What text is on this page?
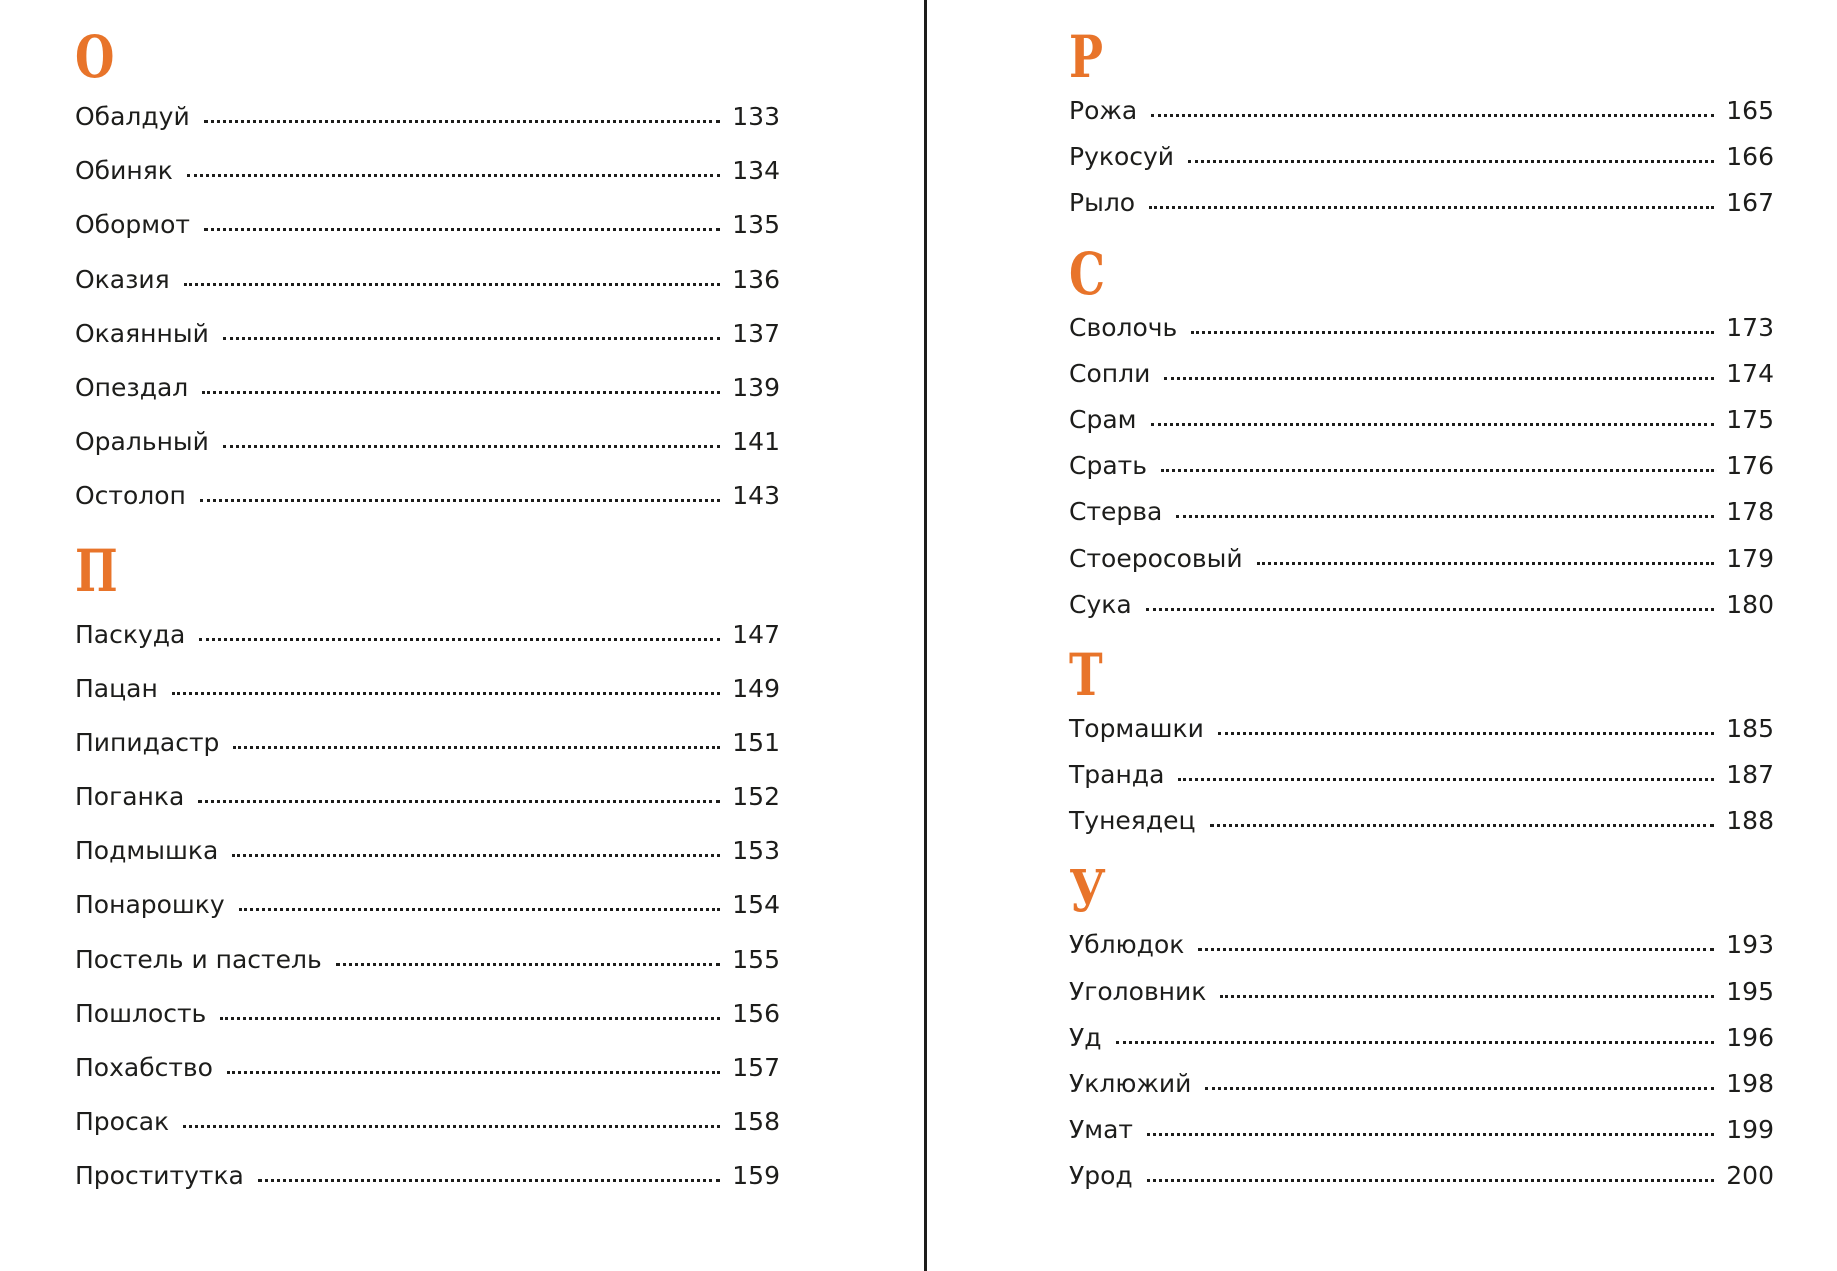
О
Обалдуй	133
Обиняк	134
Обормот	135
Оказия	136
Окаянный	137
Опездал	139
Оральный	141
Остолоп	143
П
Паскуда	147
Пацан	149
Пипидастр	151
Поганка	152
Подмышка	153
Понарошку	154
Постель и пастель	155
Пошлость	156
Похабство	157
Просак	158
Проститутка	159
Р
Рожа	165
Рукосуй	166
Рыло	167
С
Сволочь	173
Сопли	174
Срам	175
Срать	176
Стерва	178
Стоеросовый	179
Сука	180
Т
Тормашки	185
Транда	187
Тунеядец	188
У
Ублюдок	193
Уголовник	195
Уд	196
Уклюжий	198
Умат	199
Урод	200
